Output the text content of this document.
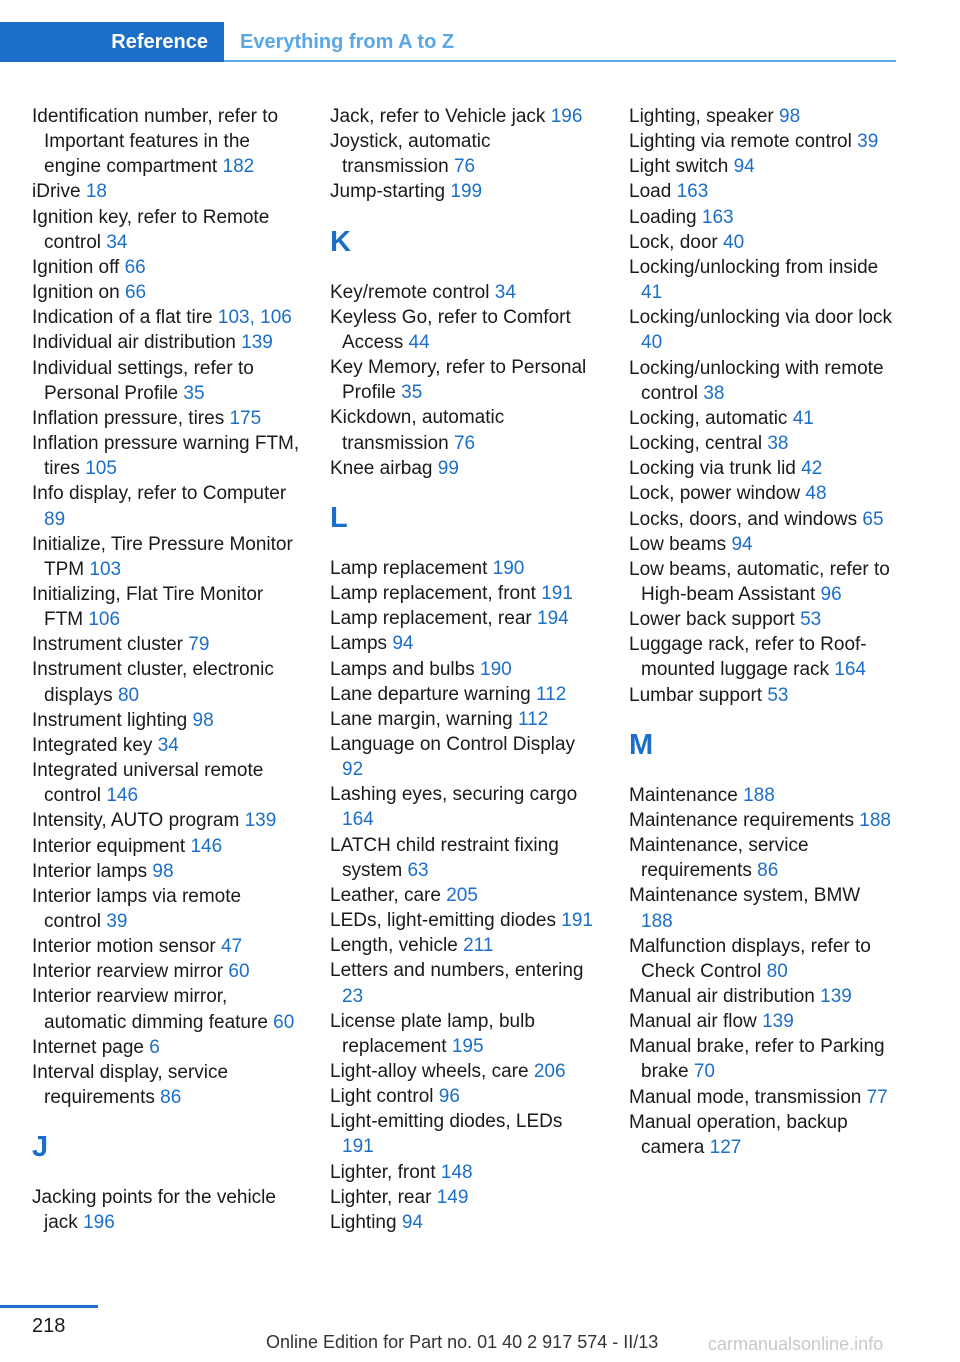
Reference	Everything from A to Z
Identification number, refer to Important features in the engine compartment 182
iDrive 18
Ignition key, refer to Remote control 34
Ignition off 66
Ignition on 66
Indication of a flat tire 103, 106
Individual air distribution 139
Individual settings, refer to Personal Profile 35
Inflation pressure, tires 175
Inflation pressure warning FTM, tires 105
Info display, refer to Computer 89
Initialize, Tire Pressure Monitor TPM 103
Initializing, Flat Tire Monitor FTM 106
Instrument cluster 79
Instrument cluster, electronic displays 80
Instrument lighting 98
Integrated key 34
Integrated universal remote control 146
Intensity, AUTO program 139
Interior equipment 146
Interior lamps 98
Interior lamps via remote control 39
Interior motion sensor 47
Interior rearview mirror 60
Interior rearview mirror, automatic dimming feature 60
Internet page 6
Interval display, service requirements 86
J
Jacking points for the vehicle jack 196
Jack, refer to Vehicle jack 196
Joystick, automatic transmission 76
Jump-starting 199
K
Key/remote control 34
Keyless Go, refer to Comfort Access 44
Key Memory, refer to Personal Profile 35
Kickdown, automatic transmission 76
Knee airbag 99
L
Lamp replacement 190
Lamp replacement, front 191
Lamp replacement, rear 194
Lamps 94
Lamps and bulbs 190
Lane departure warning 112
Lane margin, warning 112
Language on Control Display 92
Lashing eyes, securing cargo 164
LATCH child restraint fixing system 63
Leather, care 205
LEDs, light-emitting diodes 191
Length, vehicle 211
Letters and numbers, entering 23
License plate lamp, bulb replacement 195
Light-alloy wheels, care 206
Light control 96
Light-emitting diodes, LEDs 191
Lighter, front 148
Lighter, rear 149
Lighting 94
Lighting, speaker 98
Lighting via remote control 39
Light switch 94
Load 163
Loading 163
Lock, door 40
Locking/unlocking from inside 41
Locking/unlocking via door lock 40
Locking/unlocking with remote control 38
Locking, automatic 41
Locking, central 38
Locking via trunk lid 42
Lock, power window 48
Locks, doors, and windows 65
Low beams 94
Low beams, automatic, refer to High-beam Assistant 96
Lower back support 53
Luggage rack, refer to Roof-mounted luggage rack 164
Lumbar support 53
M
Maintenance 188
Maintenance requirements 188
Maintenance, service requirements 86
Maintenance system, BMW 188
Malfunction displays, refer to Check Control 80
Manual air distribution 139
Manual air flow 139
Manual brake, refer to Parking brake 70
Manual mode, transmission 77
Manual operation, backup camera 127
218
Online Edition for Part no. 01 40 2 917 574 - II/13	carmanualsonline.info
